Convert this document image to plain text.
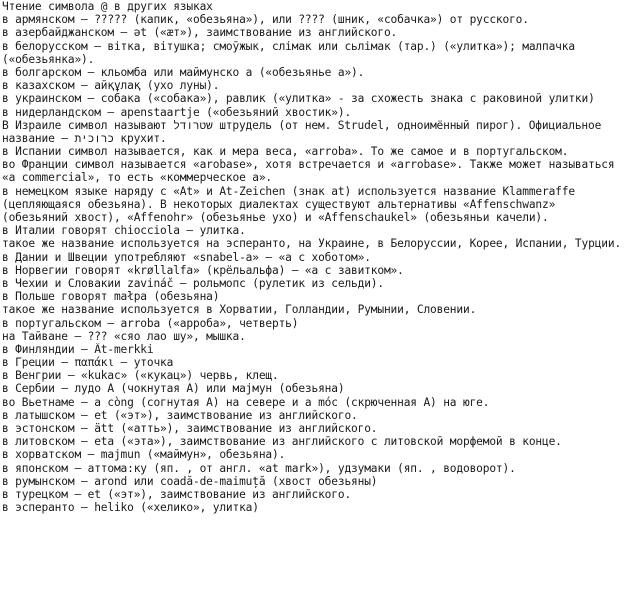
Чтение символа @ в других языках
в армянском — ????? (капик, «обезьяна»), или ???? (шник, «собачка») от русского.
в азербайджанском — ət («æт»), заимствование из английского.
в белорусском — вітка, вітушка; смоўжык, слімак или сьлімак (тар.) («улитка»); малпачка
(«обезьянка»).
в болгарском — кльомба или маймунско а («обезьянье а»).
в казахском — айқұлақ (ухо луны).
в украинском — собака («собака»), равлик («улитка» - за схожесть знака с раковиной улитки)
в нидерландском — apenstaartje («обезьяний хвостик»).
В Израиле символ называют שטרודל штрудель (от нем. Strudel, одноимённый пирог). Официальное
название — כרוכית крухит.
в Испании символ называется, как и мера веса, «arroba». То же самое и в португальском.
во Франции символ называется «arobase», хотя встречается и «arrobase». Также может называться
«a commercial», то есть «коммерческое а».
в немецком языке наряду с «At» и At-Zeichen (знак at) используется название Klammeraffe
(цепляющаяся обезьяна). В некоторых диалектах существуют альтернативы «Affenschwanz»
(обезьяний хвост), «Affenohr» (обезьянье ухо) и «Affenschaukel» (обезьяньи качели).
в Италии говорят chiocciola — улитка.
такое же название используется на эсперанто, на Украине, в Белоруссии, Корее, Испании, Турции.
в Дании и Швеции употребляют «snabel-a» — «а с хоботом».
в Норвегии говорят «krøllalfa» (крёльальфа) — «а с завитком».
в Чехии и Словакии zavináč — рольмопс (рулетик из сельди).
в Польше говорят małpa (обезьяна)
такое же название используется в Хорватии, Голландии, Румынии, Словении.
в португальском — arroba («арроба», четверть)
на Тайване — ??? «сяо лао шу», мышка.
в Финляндии — Ät-merkki
в Греции — παπάκι — уточка
в Венгрии — «kukac» («кукац») червь, клещ.
в Сербии — лудо А (чокнутая А) или мајмун (обезьяна)
во Вьетнаме — a còng (согнутая А) на севере и a móc (скрюченная А) на юге.
в латышском — et («эт»), заимствование из английского.
в эстонском — ätt («атть»), заимствование из английского.
в литовском — eta («эта»), заимствование из английского с литовской морфемой в конце.
в хорватском — majmun («маймун», обезьяна).
в японском — аттома:ку (яп. , от англ. «at mark»), удзумаки (яп. , водоворот).
в румынском — arond или coadă-de-maimuță (хвост обезьяны)
в турецком — et («эт»), заимствование из английского.
в эсперанто — heliko («хелико», улитка)
